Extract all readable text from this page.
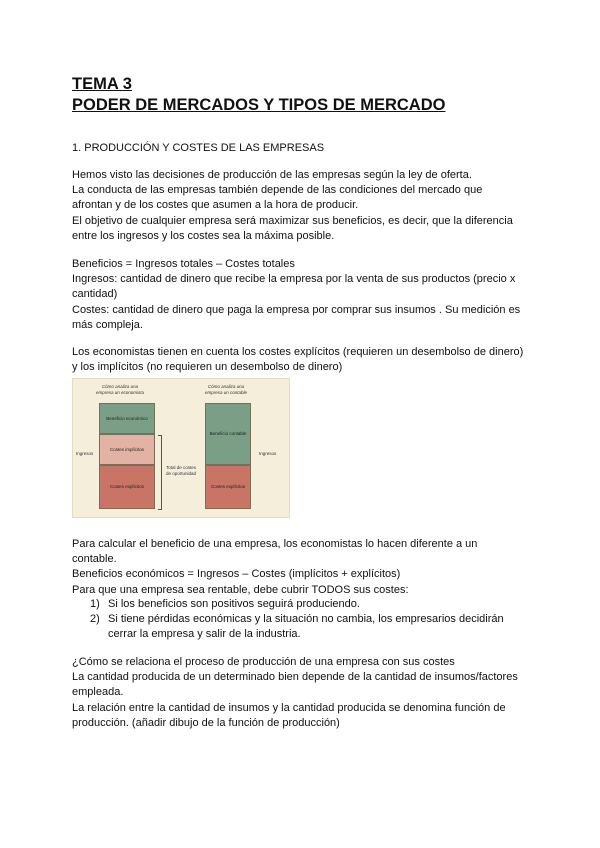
TEMA 3
PODER DE MERCADOS Y TIPOS DE MERCADO
1. PRODUCCIÓN Y COSTES DE LAS EMPRESAS

Hemos visto las decisiones de producción de las empresas según la ley de oferta.
La conducta de las empresas también depende de las condiciones del mercado que
afrontan y de los costes que asumen a la hora de producir.
El objetivo de cualquier empresa será maximizar sus beneficios, es decir, que la diferencia
entre los ingresos y los costes sea la máxima posible.

Beneficios = Ingresos totales – Costes totales
Ingresos: cantidad de dinero que recibe la empresa por la venta de sus productos (precio x
cantidad)
Costes: cantidad de dinero que paga la empresa por comprar sus insumos . Su medición es
más compleja.

Los economistas tienen en cuenta los costes explícitos (requieren un desembolso de dinero)
y los implícitos (no requieren un desembolso de dinero)

Cómo analiza una empresa un economista
Cómo analiza una empresa un contable
Beneficio económico
Costes implícitos
Costes explícitos
Beneficio contable
Costes explícitos
Ingresos	Ingresos
Total de costes de oportunidad

Para calcular el beneficio de una empresa, los economistas lo hacen diferente a un
contable.
Beneficios económicos = Ingresos – Costes (implícitos + explícitos)
Para que una empresa sea rentable, debe cubrir TODOS sus costes:

1) Si los beneficios son positivos seguirá produciendo.
2) Si tiene pérdidas económicas y la situación no cambia, los empresarios decidirán
cerrar la empresa y salir de la industria.

¿Cómo se relaciona el proceso de producción de una empresa con sus costes
La cantidad producida de un determinado bien depende de la cantidad de insumos/factores
empleada.
La relación entre la cantidad de insumos y la cantidad producida se denomina función de
producción. (añadir dibujo de la función de producción)
